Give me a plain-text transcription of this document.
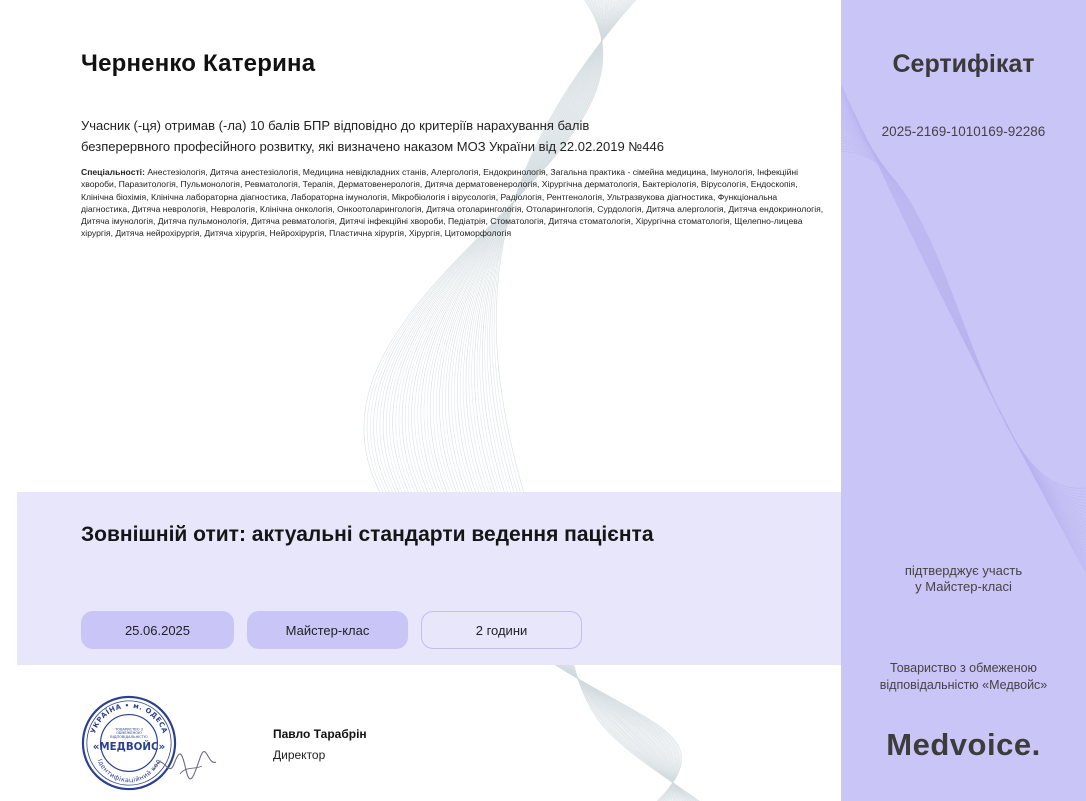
Черненко Катерина
Учасник (-ця) отримав (-ла) 10 балів БПР відповідно до критеріїв нарахування балів
безперервного професійного розвитку, які визначено наказом МОЗ України від 22.02.2019 №446
Спеціальності: Анестезіологія, Дитяча анестезіологія, Медицина невідкладних станів, Алергологія, Ендокринологія, Загальна практика - сімейна медицина, Імунологія, Інфекційні хвороби, Паразитологія, Пульмонологія, Ревматологія, Терапія, Дерматовенерологія, Дитяча дерматовенерологія, Хірургічна дерматологія, Бактеріологія, Вірусологія, Ендоскопія, Клінічна біохімія, Клінічна лабораторна діагностика, Лабораторна імунологія, Мікробіологія і вірусологія, Радіологія, Рентгенологія, Ультразвукова діагностика, Функціональна діагностика, Дитяча неврологія, Неврологія, Клінічна онкологія, Онкоотоларингологія, Дитяча отоларингологія, Отоларингологія, Сурдологія, Дитяча алергологія, Дитяча ендокринологія, Дитяча імунологія, Дитяча пульмонологія, Дитяча ревматологія, Дитячі інфекційні хвороби, Педіатрія, Стоматологія, Дитяча стоматологія, Хірургічна стоматологія, Щелепно-лицева хірургія, Дитяча нейрохірургія, Дитяча хірургія, Нейрохірургія, Пластична хірургія, Хірургія, Цитоморфологія
Зовнішній отит: актуальні стандарти ведення пацієнта
25.06.2025	Майстер-клас	2 години
УКРАЇНА • м. ОДЕСА
Ідентифікаційний код
ТОВАРИСТВО З ОБМЕЖЕНОЮ ВІДПОВІДАЛЬНІСТЮ
«МЕДВОЙС»
Павло Тарабрін
Директор
Сертифікат
2025-2169-1010169-92286
підтверджує участь
у Майстер-класі
Товариство з обмеженою
відповідальністю «Медвойс»
Medvoice.
